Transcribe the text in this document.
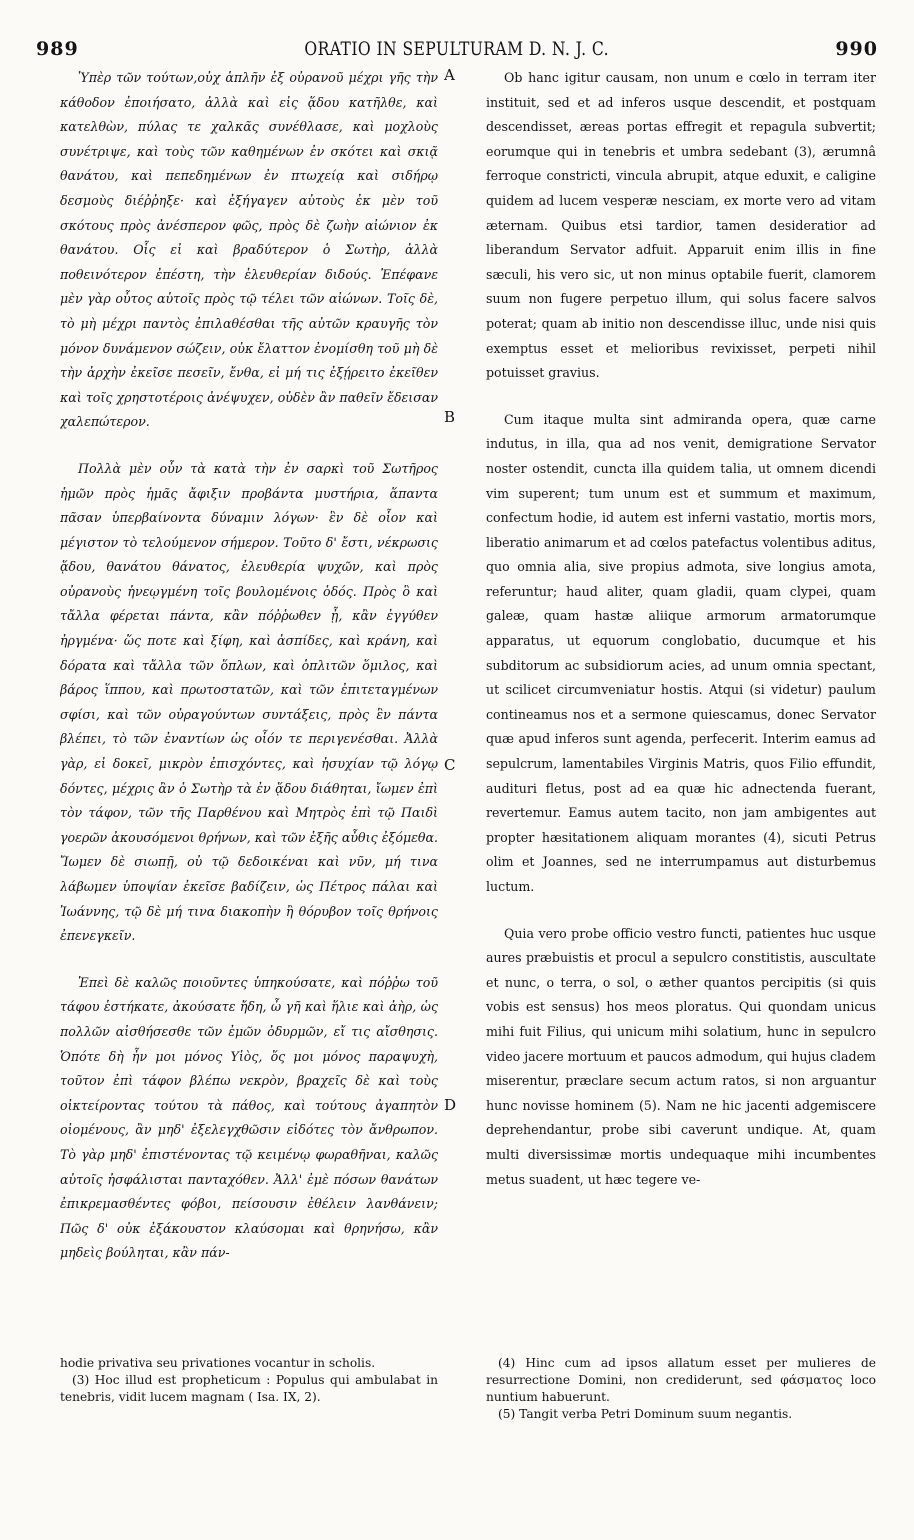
989	ORATIO IN SEPULTURAM D. N. J. C.	990

Ὑπὲρ τῶν τούτων,οὐχ ἁπλῆν ἐξ οὐρανοῦ μέχρι γῆς τὴν κάθοδον ἐποιήσατο, ἀλλὰ καὶ εἰς ᾅδου κατῆλθε, καὶ κατελθὼν, πύλας τε χαλκᾶς συνέθλασε, καὶ μοχλοὺς συνέτριψε, καὶ τοὺς τῶν καθημένων ἐν σκότει καὶ σκιᾷ θανάτου, καὶ πεπεδημένων ἐν πτωχείᾳ καὶ σιδήρῳ δεσμοὺς διέῤῥηξε· καὶ ἐξήγαγεν αὐτοὺς ἐκ μὲν τοῦ σκότους πρὸς ἀνέσπερον φῶς, πρὸς δὲ ζωὴν αἰώνιον ἐκ θανάτου. Οἷς εἰ καὶ βραδύτερον ὁ Σωτὴρ, ἀλλὰ ποθεινότερον ἐπέστη, τὴν ἐλευθερίαν διδούς. Ἐπέφανε μὲν γὰρ οὗτος αὐτοῖς πρὸς τῷ τέλει τῶν αἰώνων. Τοῖς δὲ, τὸ μὴ μέχρι παντὸς ἐπιλαθέσθαι τῆς αὐτῶν κραυγῆς τὸν μόνον δυνάμενον σώζειν, οὐκ ἔλαττον ἐνομίσθη τοῦ μὴ δὲ τὴν ἀρχὴν ἐκεῖσε πεσεῖν, ἔνθα, εἰ μή τις ἐξῄρειτο ἐκεῖθεν καὶ τοῖς χρηστοτέροις ἀνέψυχεν, οὐδὲν ἂν παθεῖν ἔδεισαν χαλεπώτερον.

Πολλὰ μὲν οὖν τὰ κατὰ τὴν ἐν σαρκὶ τοῦ Σωτῆρος ἡμῶν πρὸς ἡμᾶς ἄφιξιν προβάντα μυστήρια, ἅπαντα πᾶσαν ὑπερβαίνοντα δύναμιν λόγων· ἓν δὲ οἷον καὶ μέγιστον τὸ τελούμενον σήμερον. Τοῦτο δ' ἔστι, νέκρωσις ᾅδου, θανάτου θάνατος, ἐλευθερία ψυχῶν, καὶ πρὸς οὐρανοὺς ἠνεῳγμένη τοῖς βουλομένοις ὁδός. Πρὸς ὃ καὶ τἄλλα φέρεται πάντα, κἂν πόῤῥωθεν ᾖ, κἂν ἐγγύθεν ἠργμένα· ὥς ποτε καὶ ξίφη, καὶ ἀσπίδες, καὶ κράνη, καὶ δόρατα καὶ τἄλλα τῶν ὅπλων, καὶ ὁπλιτῶν ὅμιλος, καὶ βάρος ἵππου, καὶ πρωτοστατῶν, καὶ τῶν ἐπιτεταγμένων σφίσι, καὶ τῶν οὐραγούντων συντάξεις, πρὸς ἓν πάντα βλέπει, τὸ τῶν ἐναντίων ὡς οἷόν τε περιγενέσθαι. Ἀλλὰ γὰρ, εἰ δοκεῖ, μικρὸν ἐπισχόντες, καὶ ἡσυχίαν τῷ λόγῳ δόντες, μέχρις ἂν ὁ Σωτὴρ τὰ ἐν ᾅδου διάθηται, ἴωμεν ἐπὶ τὸν τάφον, τῶν τῆς Παρθένου καὶ Μητρὸς ἐπὶ τῷ Παιδὶ γοερῶν ἀκουσόμενοι θρήνων, καὶ τῶν ἑξῆς αὖθις ἐξόμεθα. Ἴωμεν δὲ σιωπῇ, οὐ τῷ δεδοικέναι καὶ νῦν, μή τινα λάβωμεν ὑποψίαν ἐκεῖσε βαδίζειν, ὡς Πέτρος πάλαι καὶ Ἰωάννης, τῷ δὲ μή τινα διακοπὴν ἢ θόρυβον τοῖς θρήνοις ἐπενεγκεῖν.

Ἐπεὶ δὲ καλῶς ποιοῦντες ὑπηκούσατε, καὶ πόῤῥω τοῦ τάφου ἑστήκατε, ἀκούσατε ἤδη, ὦ γῆ καὶ ἥλιε καὶ ἀὴρ, ὡς πολλῶν αἰσθήσεσθε τῶν ἐμῶν ὀδυρμῶν, εἴ τις αἴσθησις. Ὁπότε δὴ ἦν μοι μόνος Υἱὸς, ὅς μοι μόνος παραψυχὴ, τοῦτον ἐπὶ τάφον βλέπω νεκρὸν, βραχεῖς δὲ καὶ τοὺς οἰκτείροντας τούτου τὰ πάθος, καὶ τούτους ἀγαπητὸν οἰομένους, ἂν μηδ' ἐξελεγχθῶσιν εἰδότες τὸν ἄνθρωπον. Τὸ γὰρ μηδ' ἐπιστένοντας τῷ κειμένῳ φωραθῆναι, καλῶς αὐτοῖς ἠσφάλισται πανταχόθεν. Ἀλλ' ἐμὲ πόσων θανάτων ἐπικρεμασθέντες φόβοι, πείσουσιν ἐθέλειν λανθάνειν; Πῶς δ' οὐκ ἐξάκουστον κλαύσομαι καὶ θρηνήσω, κἂν μηδεὶς βούληται, κἂν πάν-

A
B
C
D

Ob hanc igitur causam, non unum e cœlo in terram iter instituit, sed et ad inferos usque descendit, et postquam descendisset, æreas portas effregit et repagula subvertit; eorumque qui in tenebris et umbra sedebant (3), ærumnâ ferroque constricti, vincula abrupit, atque eduxit, e caligine quidem ad lucem vesperæ nesciam, ex morte vero ad vitam æternam. Quibus etsi tardior, tamen desideratior ad liberandum Servator adfuit. Apparuit enim illis in fine sæculi, his vero sic, ut non minus optabile fuerit, clamorem suum non fugere perpetuo illum, qui solus facere salvos poterat; quam ab initio non descendisse illuc, unde nisi quis exemptus esset et melioribus revixisset, perpeti nihil potuisset gravius.

Cum itaque multa sint admiranda opera, quæ carne indutus, in illa, qua ad nos venit, demigratione Servator noster ostendit, cuncta illa quidem talia, ut omnem dicendi vim superent; tum unum est et summum et maximum, confectum hodie, id autem est inferni vastatio, mortis mors, liberatio animarum et ad cœlos patefactus volentibus aditus, quo omnia alia, sive propius admota, sive longius amota, referuntur; haud aliter, quam gladii, quam clypei, quam galeæ, quam hastæ aliique armorum armatorumque apparatus, ut equorum conglobatio, ducumque et his subditorum ac subsidiorum acies, ad unum omnia spectant, ut scilicet circumveniatur hostis. Atqui (si videtur) paulum contineamus nos et a sermone quiescamus, donec Servator quæ apud inferos sunt agenda, perfecerit. Interim eamus ad sepulcrum, lamentabiles Virginis Matris, quos Filio effundit, audituri fletus, post ad ea quæ hic adnectenda fuerant, revertemur. Eamus autem tacito, non jam ambigentes aut propter hæsitationem aliquam morantes (4), sicuti Petrus olim et Joannes, sed ne interrumpamus aut disturbemus luctum.

Quia vero probe officio vestro functi, patientes huc usque aures præbuistis et procul a sepulcro constitistis, auscultate et nunc, o terra, o sol, o æther quantos percipitis (si quis vobis est sensus) hos meos ploratus. Qui quondam unicus mihi fuit Filius, qui unicum mihi solatium, hunc in sepulcro video jacere mortuum et paucos admodum, qui hujus cladem miserentur, præclare secum actum ratos, si non arguantur hunc novisse hominem (5). Nam ne hic jacenti adgemiscere deprehendantur, probe sibi caverunt undique. At, quam multi diversissimæ mortis undequaque mihi incumbentes metus suadent, ut hæc tegere ve-

hodie privativa seu privationes vocantur in scholis.

(3) Hoc illud est propheticum : Populus qui ambulabat in tenebris, vidit lucem magnam ( Isa. IX, 2).

(4) Hinc cum ad ipsos allatum esset per mulieres de resurrectione Domini, non crediderunt, sed φάσματος loco nuntium habuerunt.

(5) Tangit verba Petri Dominum suum negantis.
